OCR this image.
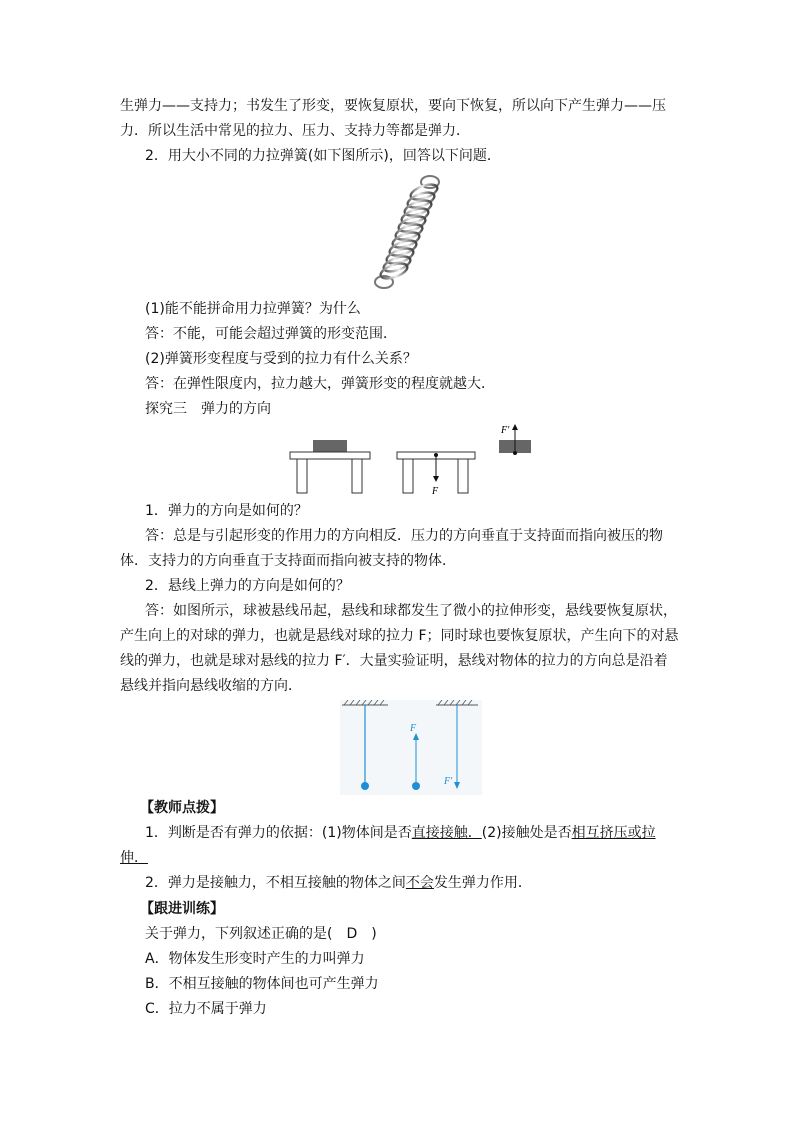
生弹力——支持力；书发生了形变，要恢复原状，要向下恢复，所以向下产生弹力——压
力．所以生活中常见的拉力、压力、支持力等都是弹力．
2．用大小不同的力拉弹簧(如下图所示)，回答以下问题．
(1)能不能拼命用力拉弹簧？为什么
答：不能，可能会超过弹簧的形变范围．
(2)弹簧形变程度与受到的拉力有什么关系？
答：在弹性限度内，拉力越大，弹簧形变的程度就越大．
探究三　弹力的方向
F
F′
1．弹力的方向是如何的？
答：总是与引起形变的作用力的方向相反．压力的方向垂直于支持面而指向被压的物
体．支持力的方向垂直于支持面而指向被支持的物体．
2．悬线上弹力的方向是如何的？
答：如图所示，球被悬线吊起，悬线和球都发生了微小的拉伸形变，悬线要恢复原状，
产生向上的对球的弹力，也就是悬线对球的拉力 F；同时球也要恢复原状，产生向下的对悬
线的弹力，也就是球对悬线的拉力 F′．大量实验证明，悬线对物体的拉力的方向总是沿着
悬线并指向悬线收缩的方向．
F
F′
【教师点拨】
1．判断是否有弹力的依据：(1)物体间是否直接接触．(2)接触处是否相互挤压或拉
伸．
2．弹力是接触力，不相互接触的物体之间不会发生弹力作用．
【跟进训练】
关于弹力，下列叙述正确的是(　D　)
A．物体发生形变时产生的力叫弹力
B．不相互接触的物体间也可产生弹力
C．拉力不属于弹力
